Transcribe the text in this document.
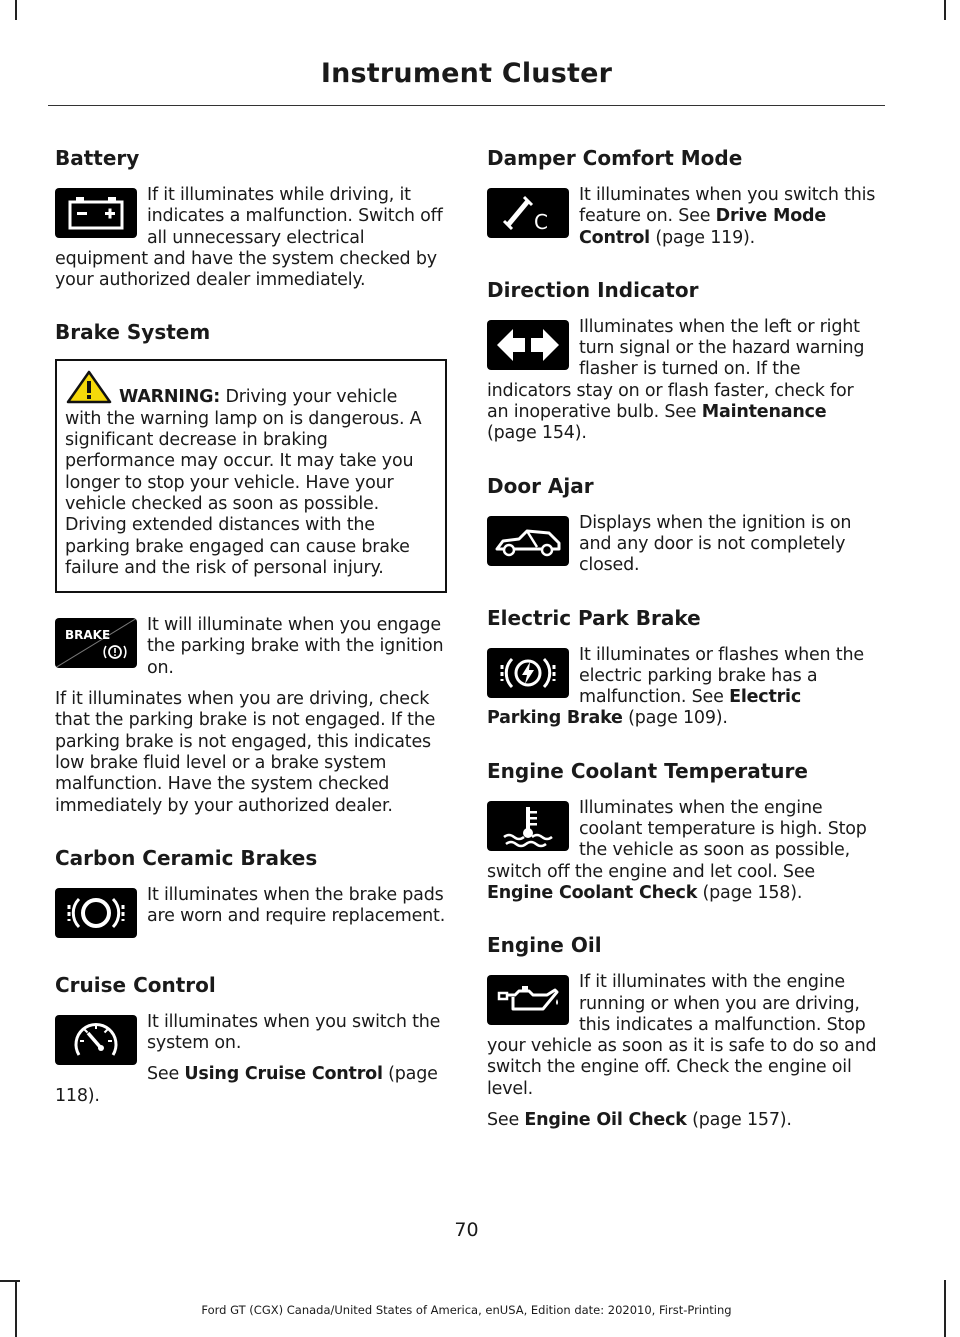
Instrument Cluster
Battery

If it illuminates while driving, it indicates a malfunction. Switch off all unnecessary electrical equipment and have the system checked by your authorized dealer immediately.

Brake System

WARNING: Driving your vehicle with the warning lamp on is dangerous. A significant decrease in braking performance may occur. It may take you longer to stop your vehicle. Have your vehicle checked as soon as possible. Driving extended distances with the parking brake engaged can cause brake failure and the risk of personal injury.

BRAKE	It will illuminate when you engage the parking brake with the ignition on.

If it illuminates when you are driving, check that the parking brake is not engaged. If the parking brake is not engaged, this indicates low brake fluid level or a brake system malfunction. Have the system checked immediately by your authorized dealer.

Carbon Ceramic Brakes

It illuminates when the brake pads are worn and require replacement.

Cruise Control

It illuminates when you switch the system on.

See Using Cruise Control (page 118).

Damper Comfort Mode
C

It illuminates when you switch this feature on. See Drive Mode Control (page 119).

Direction Indicator

Illuminates when the left or right turn signal or the hazard warning flasher is turned on. If the indicators stay on or flash faster, check for an inoperative bulb. See Maintenance (page 154).

Door Ajar

Displays when the ignition is on and any door is not completely closed.

Electric Park Brake

It illuminates or flashes when the electric parking brake has a malfunction. See Electric Parking Brake (page 109).

Engine Coolant Temperature

Illuminates when the engine coolant temperature is high. Stop the vehicle as soon as possible, switch off the engine and let cool. See Engine Coolant Check (page 158).

Engine Oil

If it illuminates with the engine running or when you are driving, this indicates a malfunction. Stop your vehicle as soon as it is safe to do so and switch the engine off. Check the engine oil level.

See Engine Oil Check (page 157).

70
Ford GT (CGX) Canada/United States of America, enUSA, Edition date: 202010, First-Printing
